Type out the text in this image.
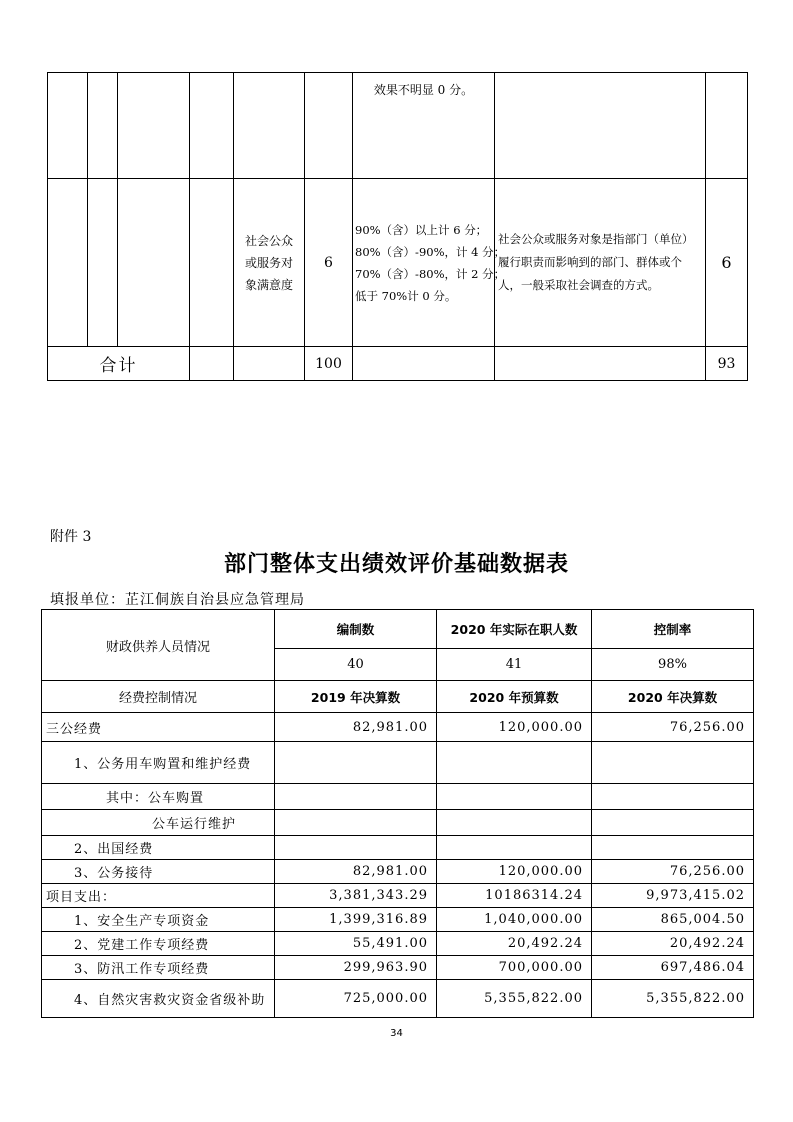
						效果不明显 0 分。		

				社会公众或服务对象满意度	6	90%（含）以上计 6 分；
80%（含）-90%，计 4 分；
70%（含）-80%，计 2 分；
低于 70%计 0 分。	社会公众或服务对象是指部门（单位）履行职责而影响到的部门、群体或个人，一般采取社会调查的方式。	6
合计					100			93
附件 3
部门整体支出绩效评价基础数据表
填报单位：芷江侗族自治县应急管理局
财政供养人员情况	编制数	2020 年实际在职人数	控制率
	40	41	98%
经费控制情况	2019 年决算数	2020 年预算数	2020 年决算数
三公经费	82,981.00	120,000.00	76,256.00
1、公务用车购置和维护经费			
其中：公车购置			
公车运行维护			
2、出国经费			
3、公务接待	82,981.00	120,000.00	76,256.00
项目支出：	3,381,343.29	10186314.24	9,973,415.02
1、安全生产专项资金	1,399,316.89	1,040,000.00	865,004.50
2、党建工作专项经费	55,491.00	20,492.24	20,492.24
3、防汛工作专项经费	299,963.90	700,000.00	697,486.04
4、自然灾害救灾资金省级补助	725,000.00	5,355,822.00	5,355,822.00
34
